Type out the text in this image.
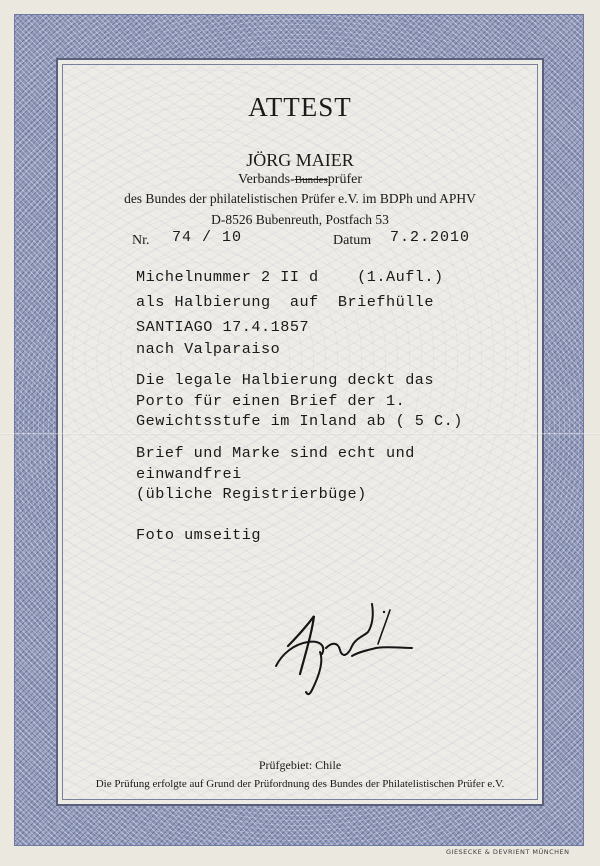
ATTEST
JÖRG MAIER
Verbands-Bundesprüfer
des Bundes der philatelistischen Prüfer e.V. im BDPh und APHV
D-8526 Bubenreuth, Postfach 53
Nr. 74 / 10	Datum 7.2.2010
Michelnummer 2 II d    (1.Aufl.)
als Halbierung  auf  Briefhülle
SANTIAGO 17.4.1857
nach Valparaiso
Die legale Halbierung deckt das
Porto für einen Brief der 1.
Gewichtsstufe im Inland ab ( 5 C.)
Brief und Marke sind echt und
einwandfrei
(übliche Registrierbüge)
Foto umseitig
Prüfgebiet: Chile
Die Prüfung erfolgte auf Grund der Prüfordnung des Bundes der Philatelistischen Prüfer e.V.
GIESECKE & DEVRIENT MÜNCHEN
